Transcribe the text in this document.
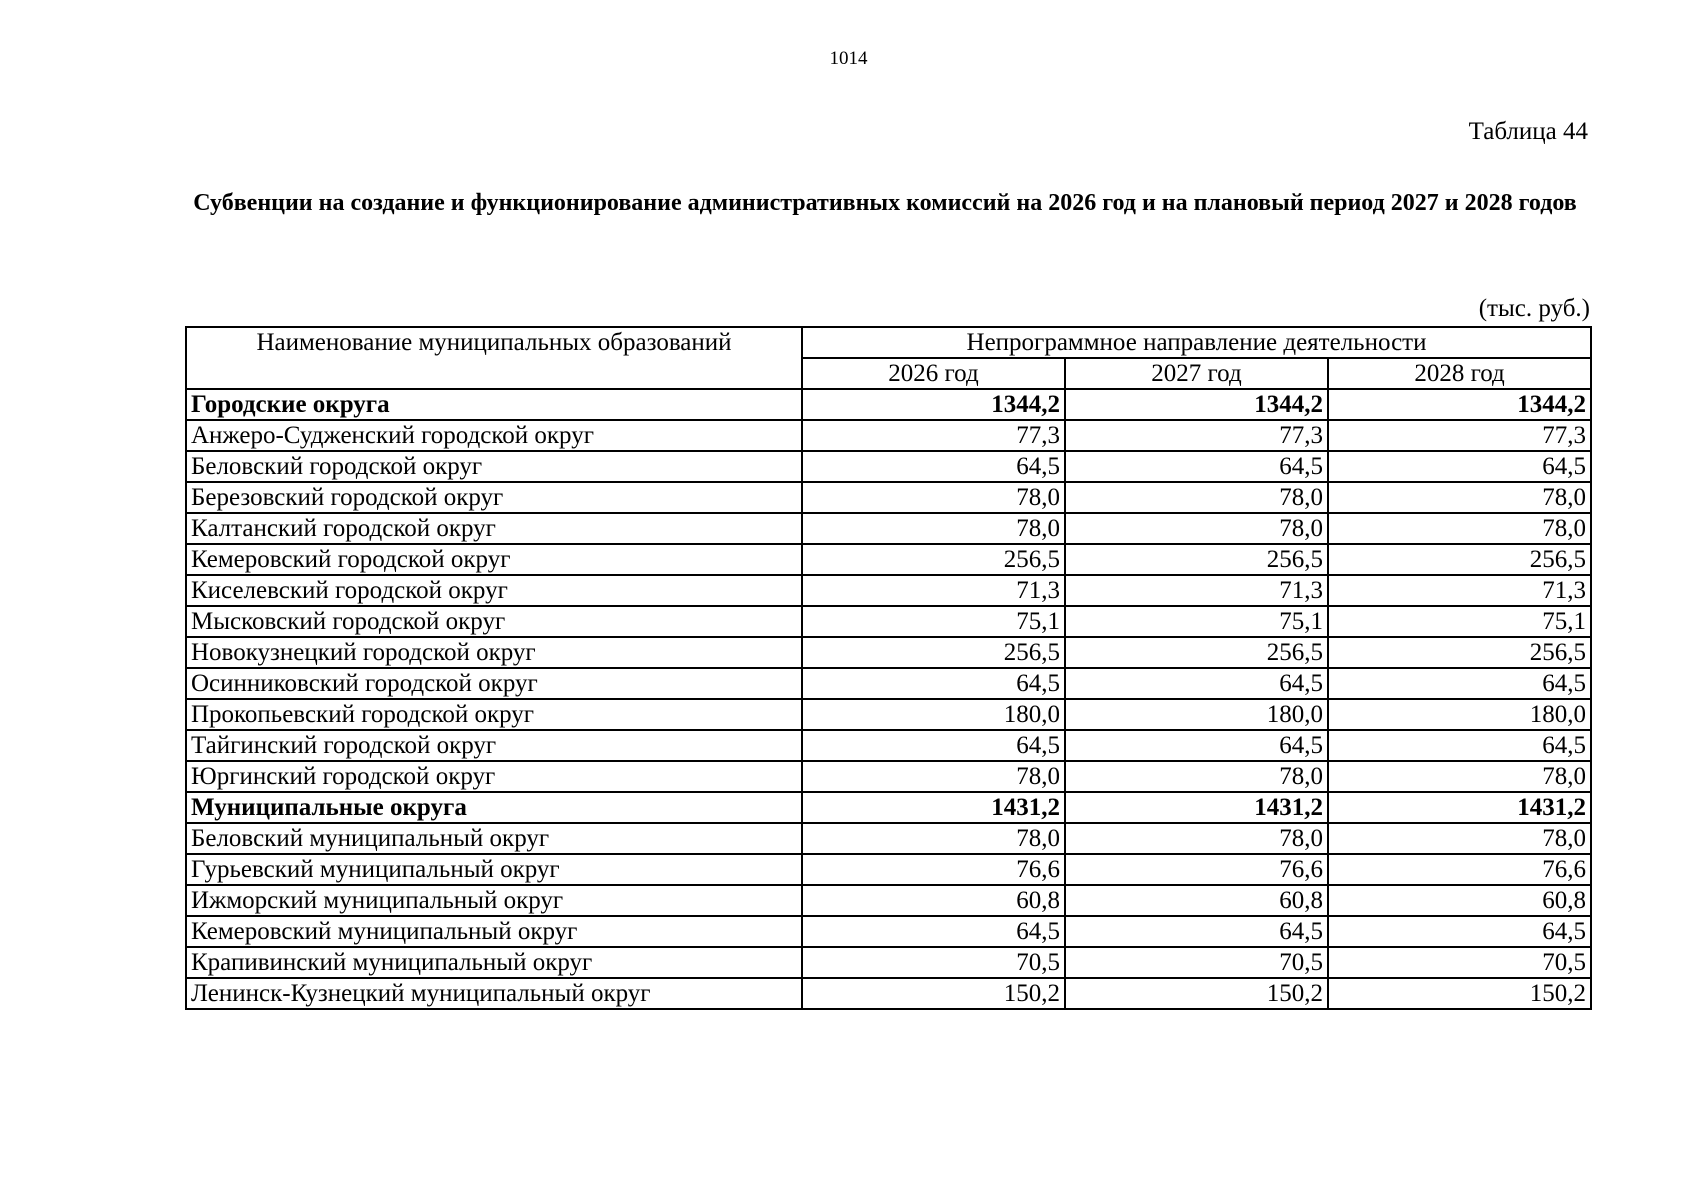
1014
Таблица 44
Субвенции на создание и функционирование административных комиссий на 2026 год и на плановый период 2027 и 2028 годов
(тыс. руб.)
Наименование муниципальных образований	Непрограммное направление деятельности		
	2026 год	2027 год	2028 год
Городские округа	1344,2	1344,2	1344,2
Анжеро-Судженский городской округ	77,3	77,3	77,3
Беловский городской округ	64,5	64,5	64,5
Березовский городской округ	78,0	78,0	78,0
Калтанский городской округ	78,0	78,0	78,0
Кемеровский городской округ	256,5	256,5	256,5
Киселевский городской округ	71,3	71,3	71,3
Мысковский городской округ	75,1	75,1	75,1
Новокузнецкий городской округ	256,5	256,5	256,5
Осинниковский городской округ	64,5	64,5	64,5
Прокопьевский городской округ	180,0	180,0	180,0
Тайгинский городской округ	64,5	64,5	64,5
Юргинский городской округ	78,0	78,0	78,0
Муниципальные округа	1431,2	1431,2	1431,2
Беловский муниципальный округ	78,0	78,0	78,0
Гурьевский муниципальный округ	76,6	76,6	76,6
Ижморский муниципальный округ	60,8	60,8	60,8
Кемеровский муниципальный округ	64,5	64,5	64,5
Крапивинский муниципальный округ	70,5	70,5	70,5
Ленинск-Кузнецкий муниципальный округ	150,2	150,2	150,2
